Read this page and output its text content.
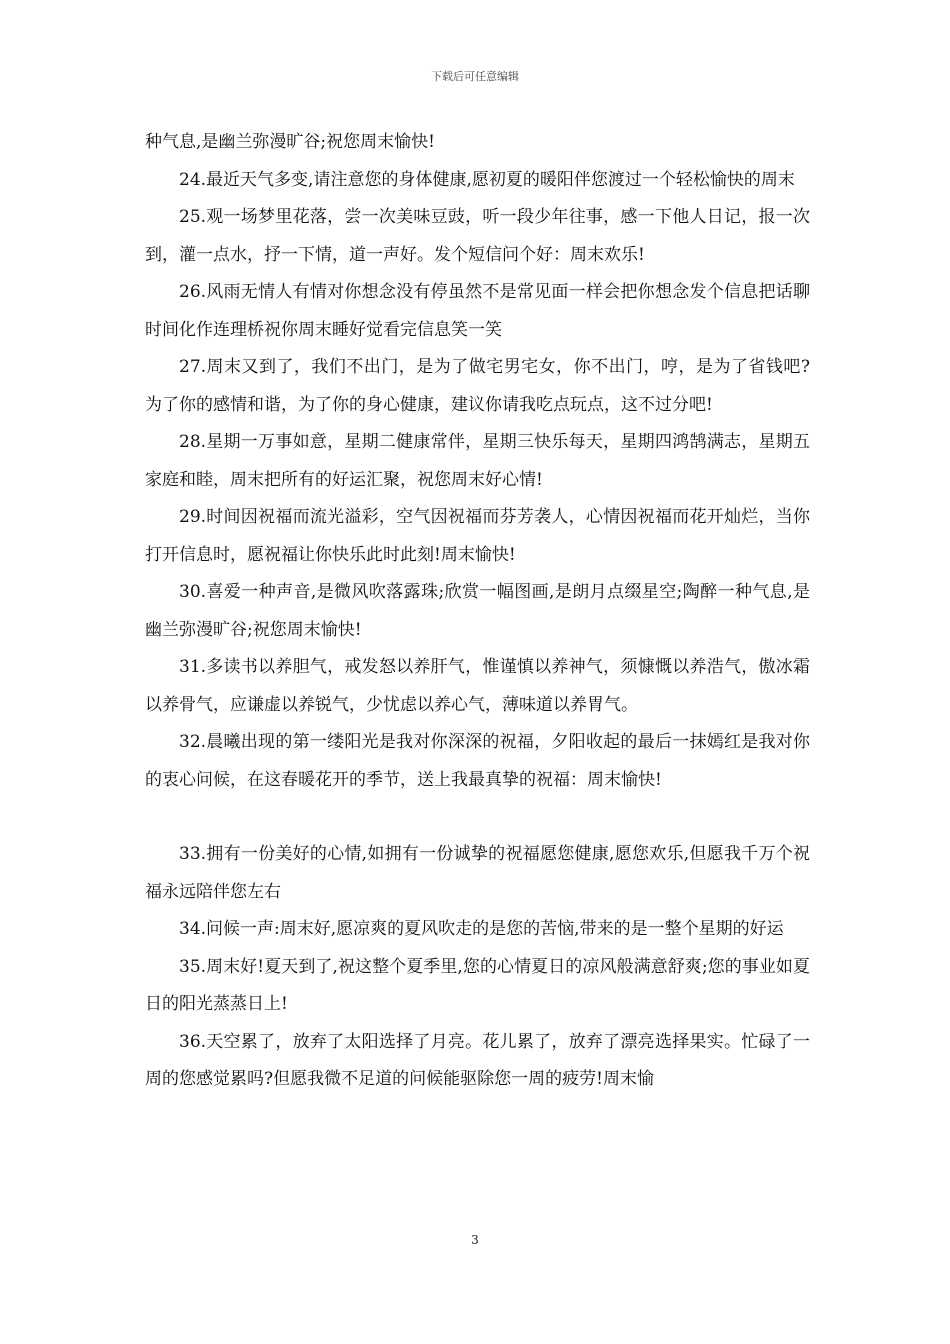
下载后可任意编辑

种气息,是幽兰弥漫旷谷;祝您周末愉快!

24.最近天气多变,请注意您的身体健康,愿初夏的暖阳伴您渡过一个轻松愉快的周末

25.观一场梦里花落，尝一次美味豆豉，听一段少年往事，感一下他人日记，报一次到，灌一点水，抒一下情，道一声好。发个短信问个好：周末欢乐!

26.风雨无情人有情对你想念没有停虽然不是常见面一样会把你想念发个信息把话聊时间化作连理桥祝你周末睡好觉看完信息笑一笑

27.周末又到了，我们不出门，是为了做宅男宅女，你不出门，哼，是为了省钱吧?为了你的感情和谐，为了你的身心健康，建议你请我吃点玩点，这不过分吧!

28.星期一万事如意，星期二健康常伴，星期三快乐每天，星期四鸿鹄满志，星期五家庭和睦，周末把所有的好运汇聚，祝您周末好心情!

29.时间因祝福而流光溢彩，空气因祝福而芬芳袭人，心情因祝福而花开灿烂，当你打开信息时，愿祝福让你快乐此时此刻!周末愉快!

30.喜爱一种声音,是微风吹落露珠;欣赏一幅图画,是朗月点缀星空;陶醉一种气息,是幽兰弥漫旷谷;祝您周末愉快!

31.多读书以养胆气，戒发怒以养肝气，惟谨慎以养神气，须慷慨以养浩气，傲冰霜以养骨气，应谦虚以养锐气，少忧虑以养心气，薄味道以养胃气。

32.晨曦出现的第一缕阳光是我对你深深的祝福，夕阳收起的最后一抹嫣红是我对你的衷心问候，在这春暖花开的季节，送上我最真挚的祝福：周末愉快!

33.拥有一份美好的心情,如拥有一份诚挚的祝福愿您健康,愿您欢乐,但愿我千万个祝福永远陪伴您左右

34.问候一声:周末好,愿凉爽的夏风吹走的是您的苦恼,带来的是一整个星期的好运

35.周末好!夏天到了,祝这整个夏季里,您的心情夏日的凉风般满意舒爽;您的事业如夏日的阳光蒸蒸日上!

36.天空累了，放弃了太阳选择了月亮。花儿累了，放弃了漂亮选择果实。忙碌了一周的您感觉累吗?但愿我微不足道的问候能驱除您一周的疲劳!周末愉

3
